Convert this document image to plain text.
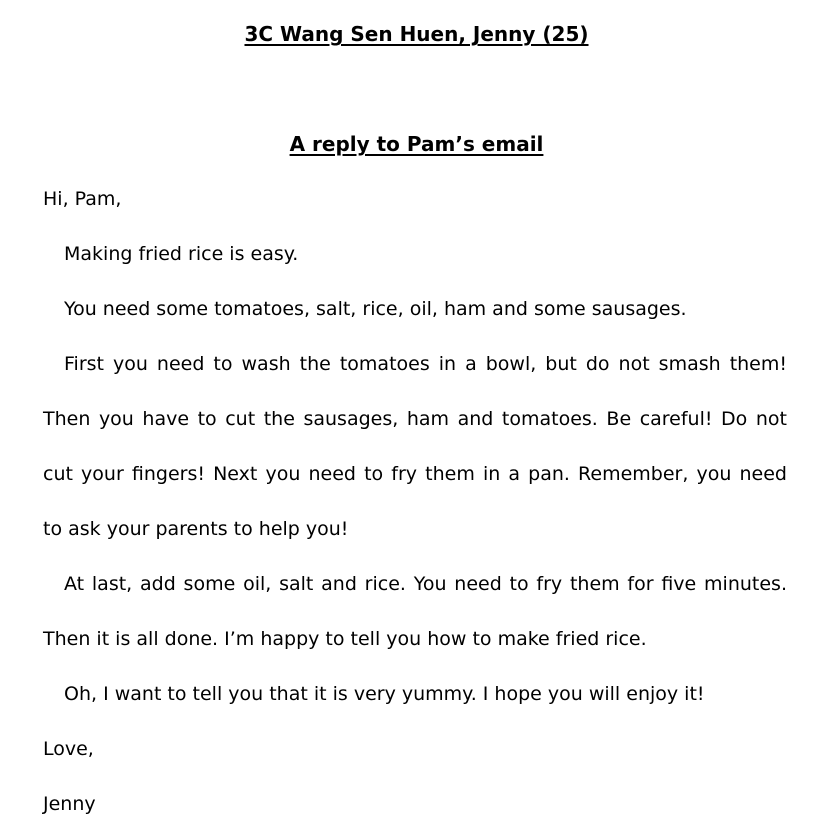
3C Wang Sen Huen, Jenny (25)
A reply to Pam’s email
Hi, Pam,
Making fried rice is easy.
You need some tomatoes, salt, rice, oil, ham and some sausages.
First you need to wash the tomatoes in a bowl, but do not smash them!
Then you have to cut the sausages, ham and tomatoes. Be careful! Do not
cut your fingers! Next you need to fry them in a pan. Remember, you need
to ask your parents to help you!
At last, add some oil, salt and rice. You need to fry them for five minutes.
Then it is all done. I’m happy to tell you how to make fried rice.
Oh, I want to tell you that it is very yummy. I hope you will enjoy it!
Love,
Jenny
